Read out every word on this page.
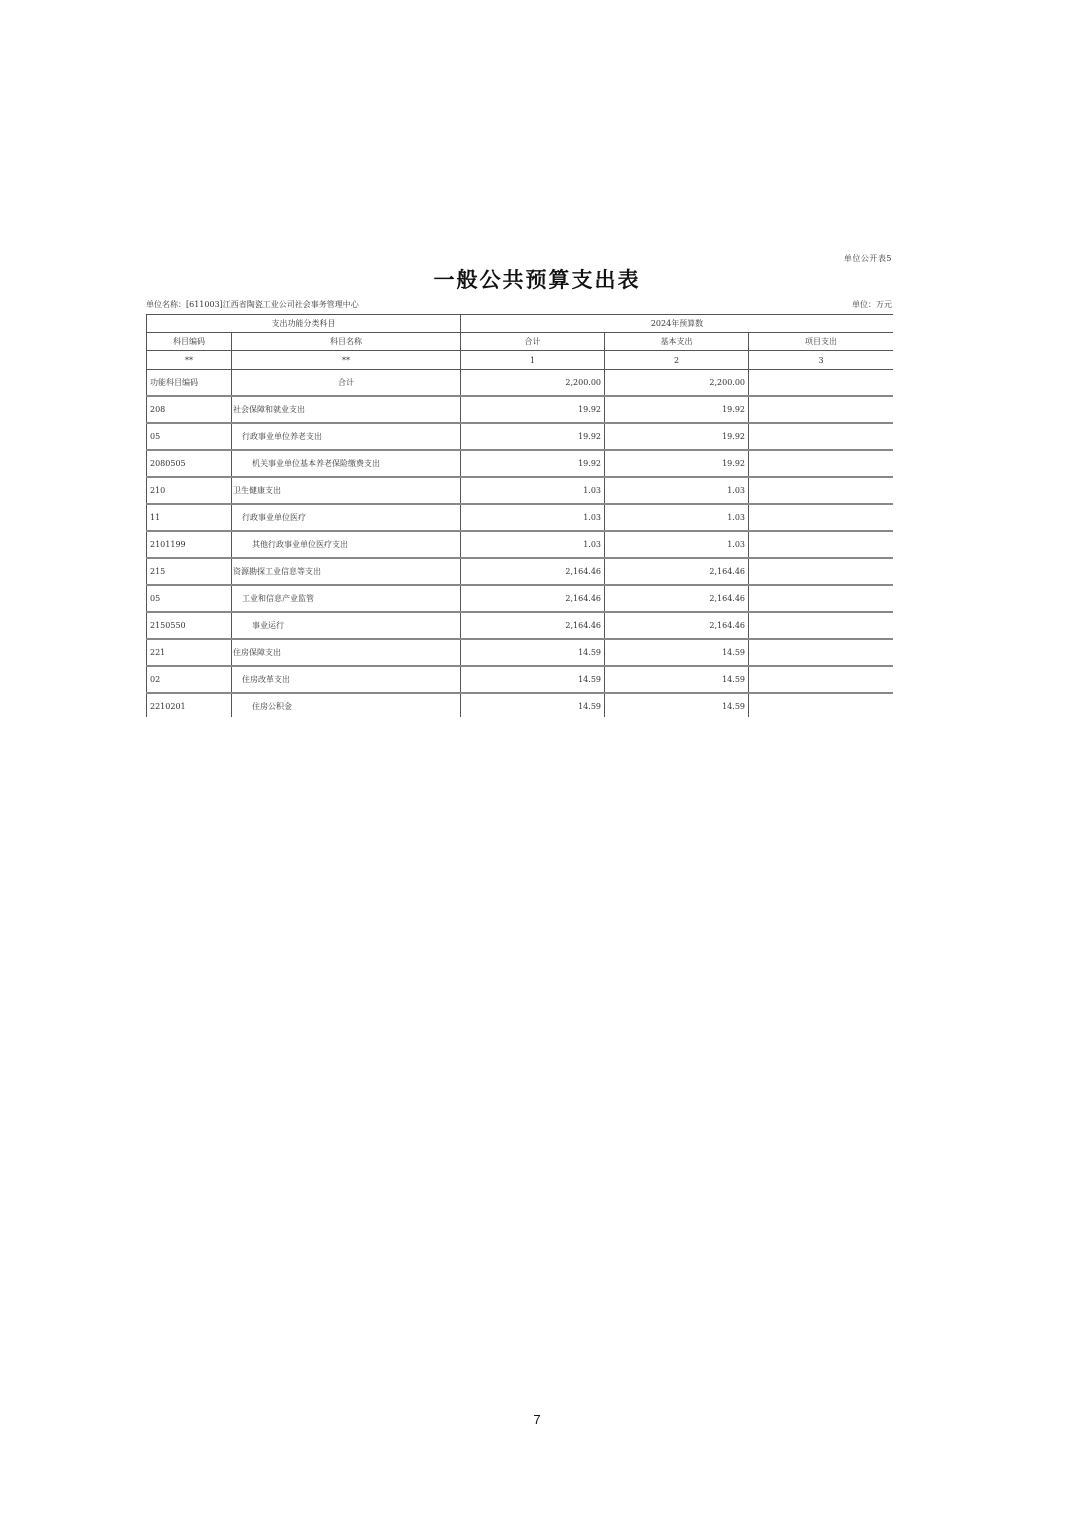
单位公开表5
一般公共预算支出表
单位名称：[611003]江西省陶瓷工业公司社会事务管理中心	单位：万元
支出功能分类科目		2024年预算数		
科目编码	科目名称	合计	基本支出	项目支出
**	**	1	2	3
功能科目编码	合计	2,200.00	2,200.00	
208	社会保障和就业支出	19.92	19.92	
05	行政事业单位养老支出	19.92	19.92	
2080505	机关事业单位基本养老保险缴费支出	19.92	19.92	
210	卫生健康支出	1.03	1.03	
11	行政事业单位医疗	1.03	1.03	
2101199	其他行政事业单位医疗支出	1.03	1.03	
215	资源勘探工业信息等支出	2,164.46	2,164.46	
05	工业和信息产业监管	2,164.46	2,164.46	
2150550	事业运行	2,164.46	2,164.46	
221	住房保障支出	14.59	14.59	
02	住房改革支出	14.59	14.59	
2210201	住房公积金	14.59	14.59	
7
